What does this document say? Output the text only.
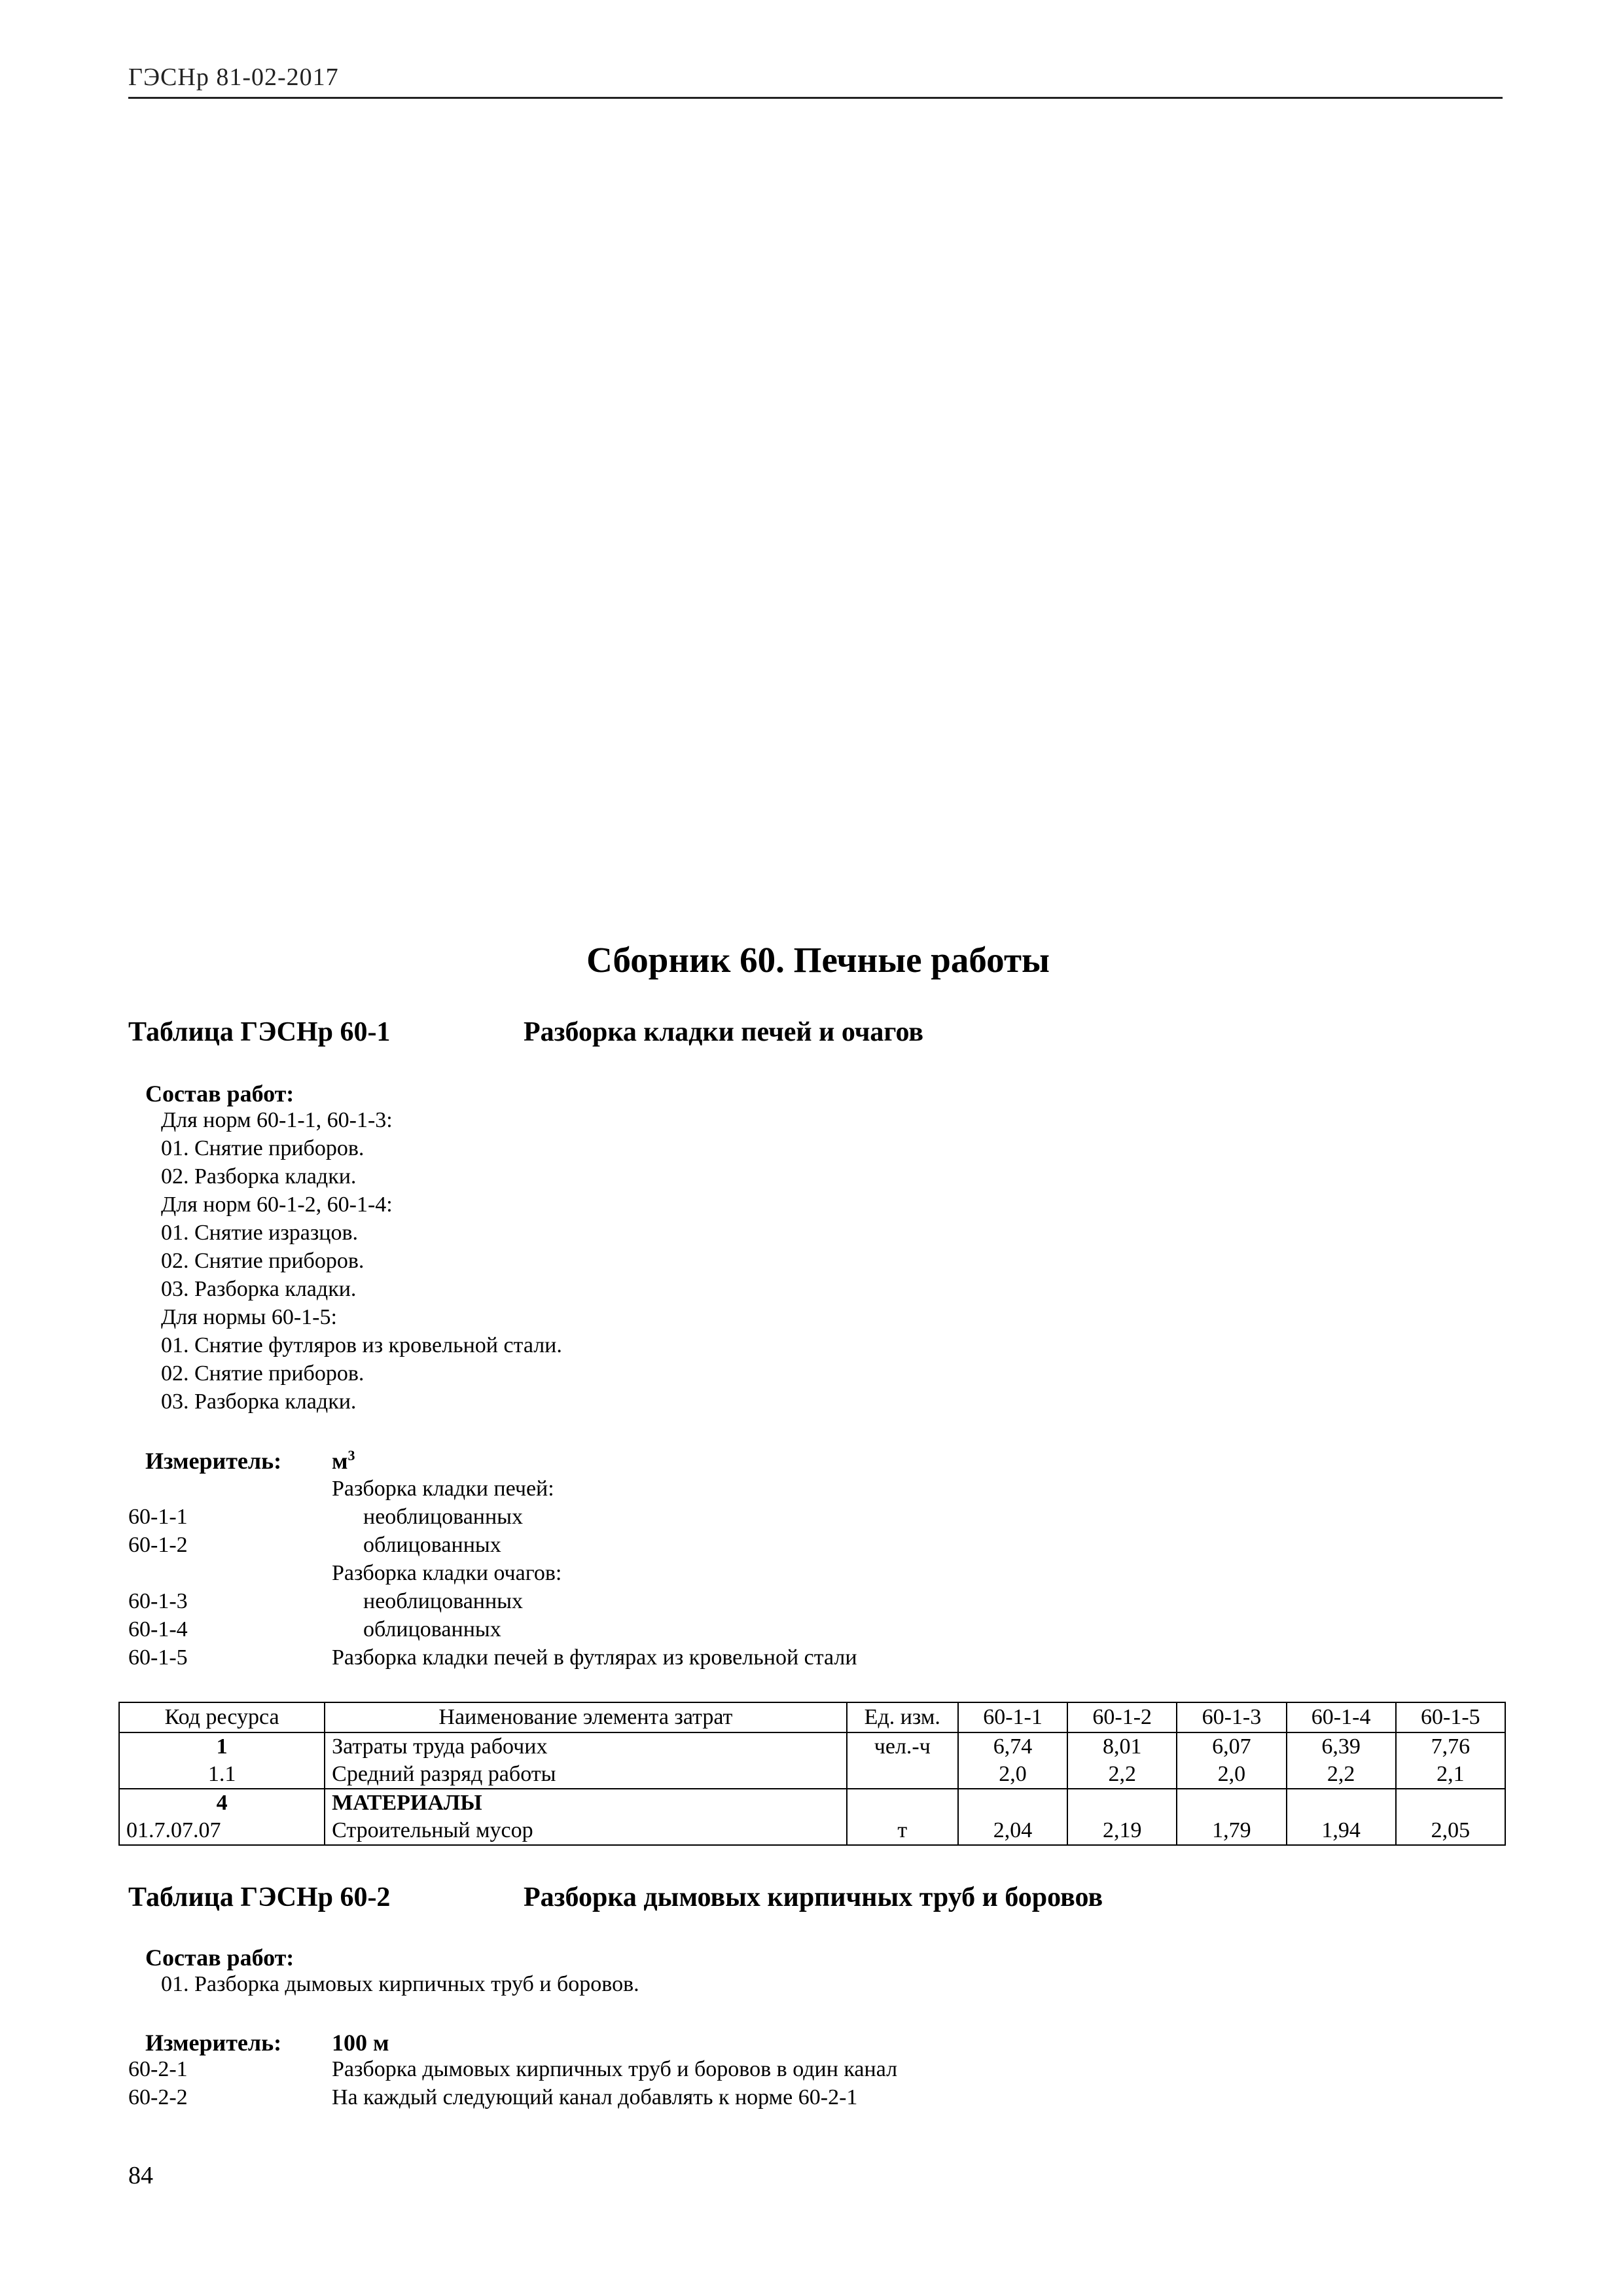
ГЭСНр 81-02-2017
Сборник 60. Печные работы
Таблица ГЭСНр 60-1	Разборка кладки печей и очагов
Состав работ:
Для норм 60-1-1, 60-1-3:
01. Снятие приборов.
02. Разборка кладки.
Для норм 60-1-2, 60-1-4:
01. Снятие изразцов.
02. Снятие приборов.
03. Разборка кладки.
Для нормы 60-1-5:
01. Снятие футляров из кровельной стали.
02. Снятие приборов.
03. Разборка кладки.
Измеритель: $м^3$
Разборка кладки печей:
60-1-1	необлицованных
60-1-2	облицованных
Разборка кладки очагов:
60-1-3	необлицованных
60-1-4	облицованных
60-1-5	Разборка кладки печей в футлярах из кровельной стали
Код ресурса	Наименование элемента затрат	Ед. изм.	60-1-1	60-1-2	60-1-3	60-1-4	60-1-5
1	Затраты труда рабочих	чел.-ч	6,74	8,01	6,07	6,39	7,76
1.1	Средний разряд работы		2,0	2,2	2,0	2,2	2,1
4	МАТЕРИАЛЫ						
01.7.07.07	Строительный мусор	т	2,04	2,19	1,79	1,94	2,05
Таблица ГЭСНр 60-2	Разборка дымовых кирпичных труб и боровов
Состав работ:
01. Разборка дымовых кирпичных труб и боровов.
Измеритель: 100 м
60-2-1	Разборка дымовых кирпичных труб и боровов в один канал
60-2-2	На каждый следующий канал добавлять к норме 60-2-1
84
